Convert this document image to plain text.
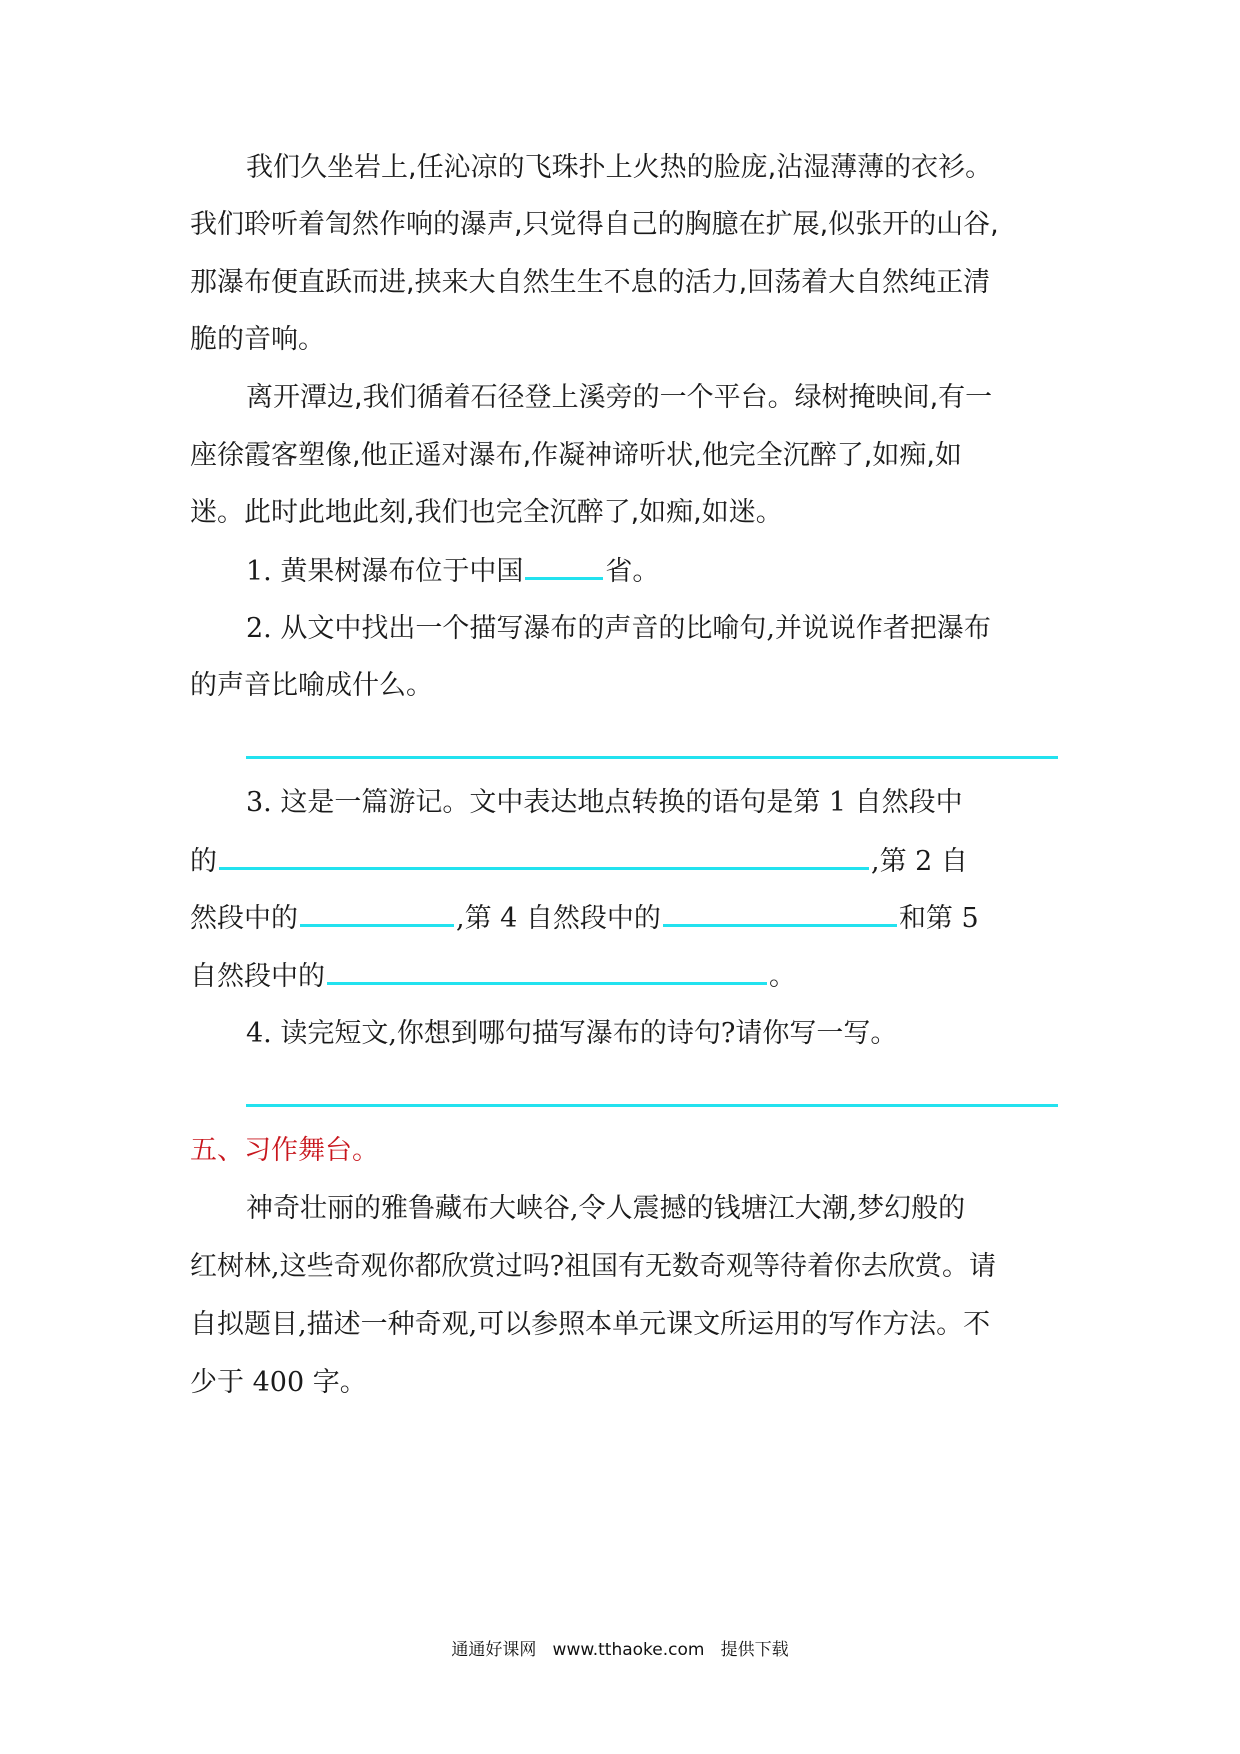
我们久坐岩上,任沁凉的飞珠扑上火热的脸庞,沾湿薄薄的衣衫。
我们聆听着訇然作响的瀑声,只觉得自己的胸臆在扩展,似张开的山谷,
那瀑布便直跃而进,挟来大自然生生不息的活力,回荡着大自然纯正清
脆的音响。
离开潭边,我们循着石径登上溪旁的一个平台。绿树掩映间,有一
座徐霞客塑像,他正遥对瀑布,作凝神谛听状,他完全沉醉了,如痴,如
迷。此时此地此刻,我们也完全沉醉了,如痴,如迷。
1. 黄果树瀑布位于中国	省。
2. 从文中找出一个描写瀑布的声音的比喻句,并说说作者把瀑布
的声音比喻成什么。
3. 这是一篇游记。文中表达地点转换的语句是第 1 自然段中
的	,第 2 自
然段中的	,第 4 自然段中的	和第 5
自然段中的	。
4. 读完短文,你想到哪句描写瀑布的诗句?请你写一写。
五、习作舞台。
神奇壮丽的雅鲁藏布大峡谷,令人震撼的钱塘江大潮,梦幻般的
红树林,这些奇观你都欣赏过吗?祖国有无数奇观等待着你去欣赏。请
自拟题目,描述一种奇观,可以参照本单元课文所运用的写作方法。不
少于 400 字。
通通好课网   www.tthaoke.com   提供下载
